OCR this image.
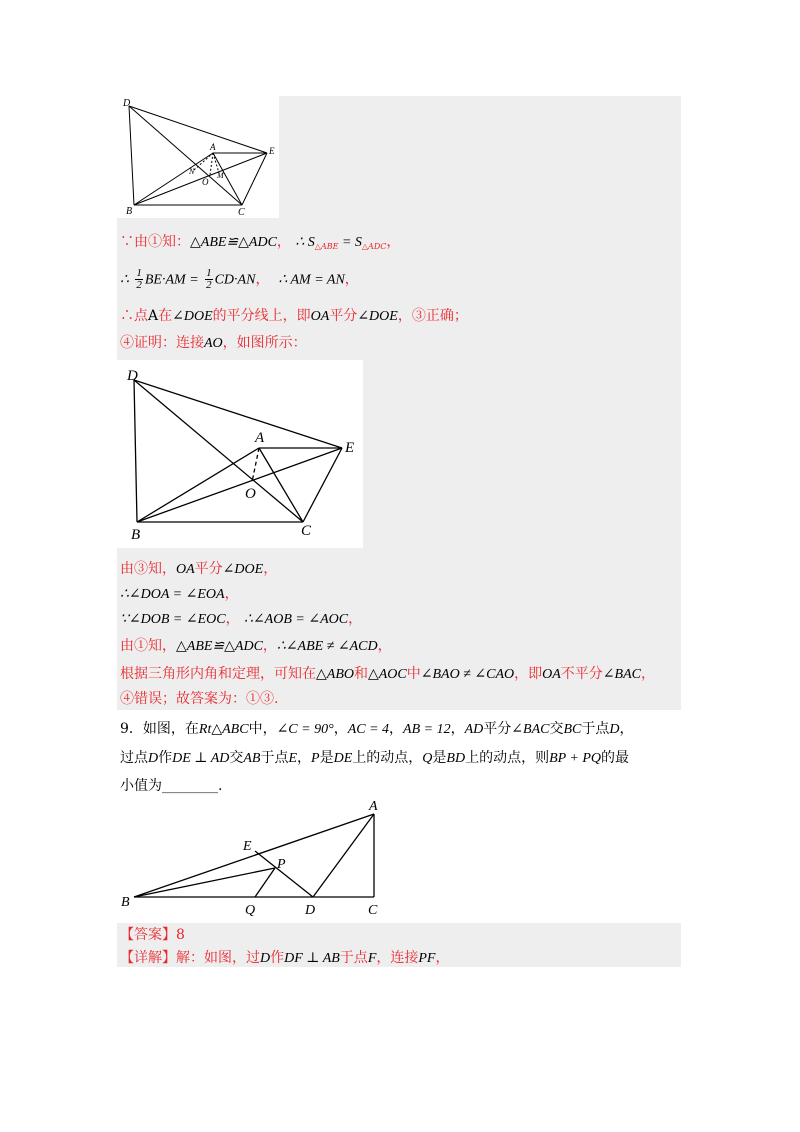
D
A	E
N
O
M
B	C
∵由①知：△ABE≌△ADC， ∴ $S_{\triangle ABE} = S_{\triangle ADC}$，
∴ $\frac{1}{2} BE\cdot AM = \frac{1}{2} CD\cdot AN$， ∴ AM = AN，
∴点A在∠DOE的平分线上，即OA平分∠DOE，③正确；
④证明：连接AO，如图所示：
D
A
E
O
B	C
由③知，OA平分∠DOE，
∴∠DOA = ∠EOA，
∵∠DOB = ∠EOC， ∴∠AOB = ∠AOC，
由①知，△ABE≌△ADC，∴∠ABE ≠ ∠ACD，
根据三角形内角和定理，可知在△ABO和△AOC中∠BAO ≠ ∠CAO，即OA不平分∠BAC，
④错误；故答案为：①③.
9．如图，在Rt△ABC中，∠C = 90°，AC = 4，AB = 12，AD平分∠BAC交BC于点D，
过点D作DE ⊥ AD交AB于点E，P是DE上的动点，Q是BD上的动点，则BP + PQ的最
小值为________.
A
E
P
B
Q	D	C
【答案】8
【详解】解：如图，过D作DF ⊥ AB于点F，连接PF，
